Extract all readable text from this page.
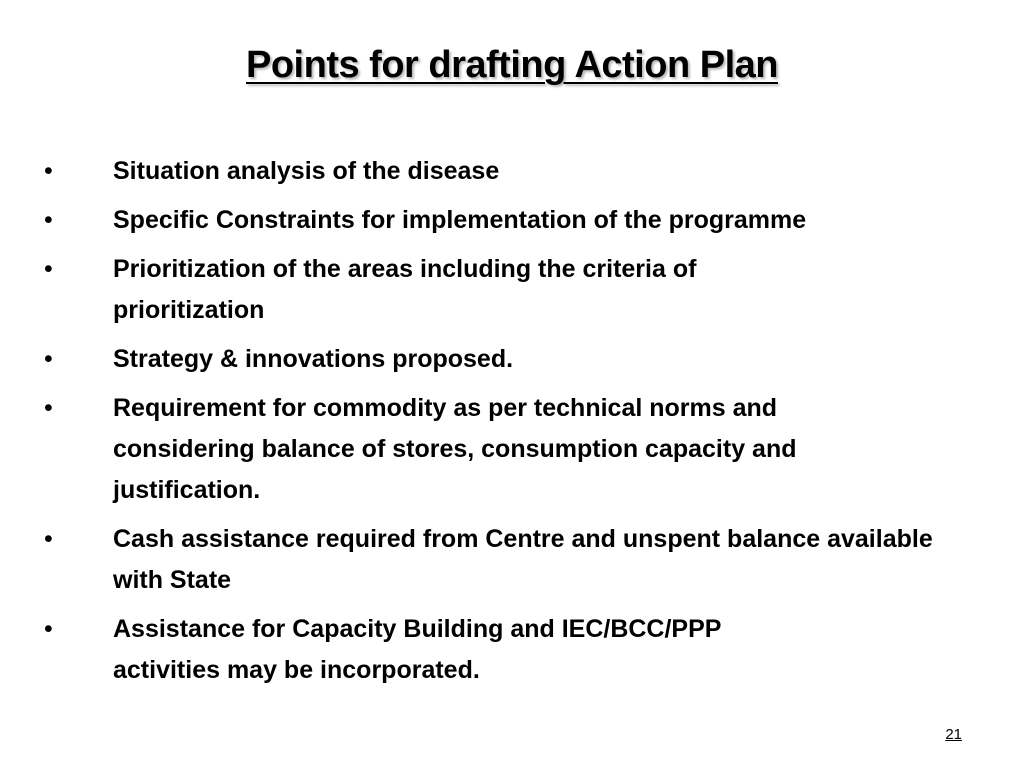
Points for drafting Action Plan
• Situation analysis of the disease
• Specific Constraints for implementation of the programme
• Prioritization of the areas including the criteria of prioritization
• Strategy & innovations proposed.
• Requirement for commodity as per technical norms and considering balance of stores, consumption capacity and justification.
• Cash assistance required from Centre and unspent balance available with State
• Assistance for Capacity Building and IEC/BCC/PPP activities may be incorporated.
21
